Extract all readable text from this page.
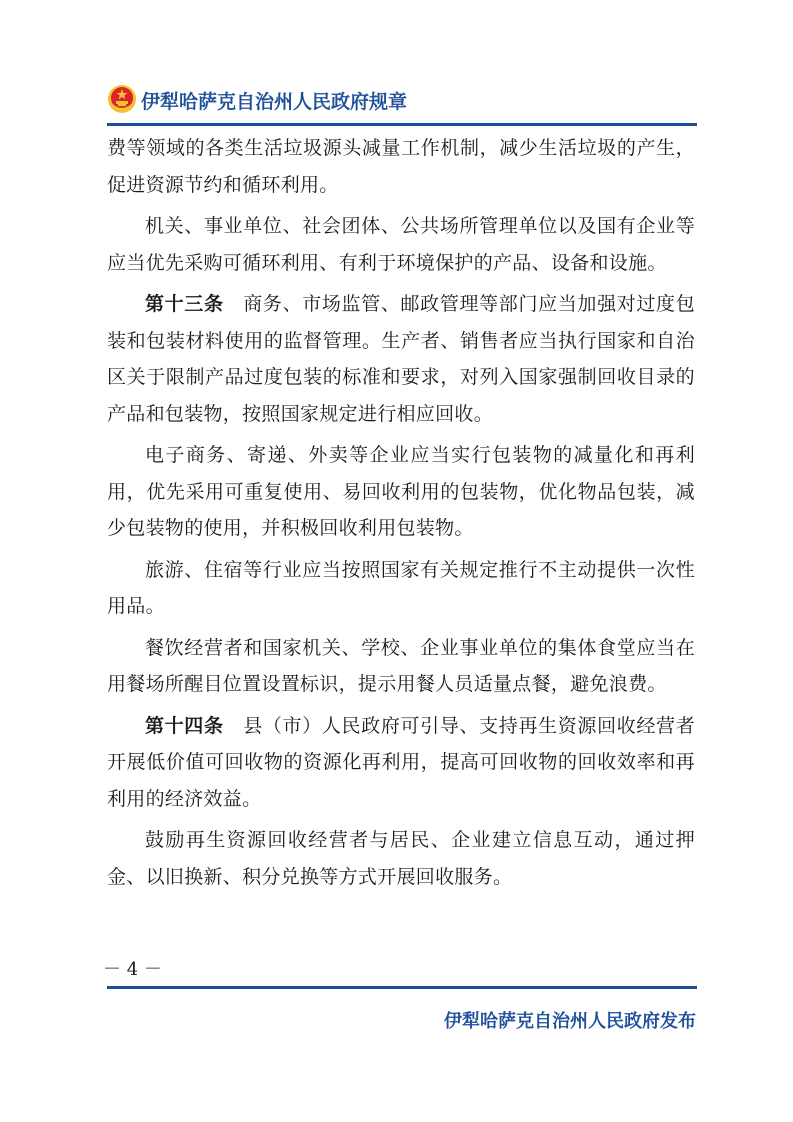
伊犁哈萨克自治州人民政府规章

费等领域的各类生活垃圾源头减量工作机制，减少生活垃圾的产生，促进资源节约和循环利用。

机关、事业单位、社会团体、公共场所管理单位以及国有企业等应当优先采购可循环利用、有利于环境保护的产品、设备和设施。

第十三条　商务、市场监管、邮政管理等部门应当加强对过度包装和包装材料使用的监督管理。生产者、销售者应当执行国家和自治区关于限制产品过度包装的标准和要求，对列入国家强制回收目录的产品和包装物，按照国家规定进行相应回收。

电子商务、寄递、外卖等企业应当实行包装物的减量化和再利用，优先采用可重复使用、易回收利用的包装物，优化物品包装，减少包装物的使用，并积极回收利用包装物。

旅游、住宿等行业应当按照国家有关规定推行不主动提供一次性用品。

餐饮经营者和国家机关、学校、企业事业单位的集体食堂应当在用餐场所醒目位置设置标识，提示用餐人员适量点餐，避免浪费。

第十四条　县（市）人民政府可引导、支持再生资源回收经营者开展低价值可回收物的资源化再利用，提高可回收物的回收效率和再利用的经济效益。

鼓励再生资源回收经营者与居民、企业建立信息互动，通过押金、以旧换新、积分兑换等方式开展回收服务。

－ 4 －
伊犁哈萨克自治州人民政府发布
